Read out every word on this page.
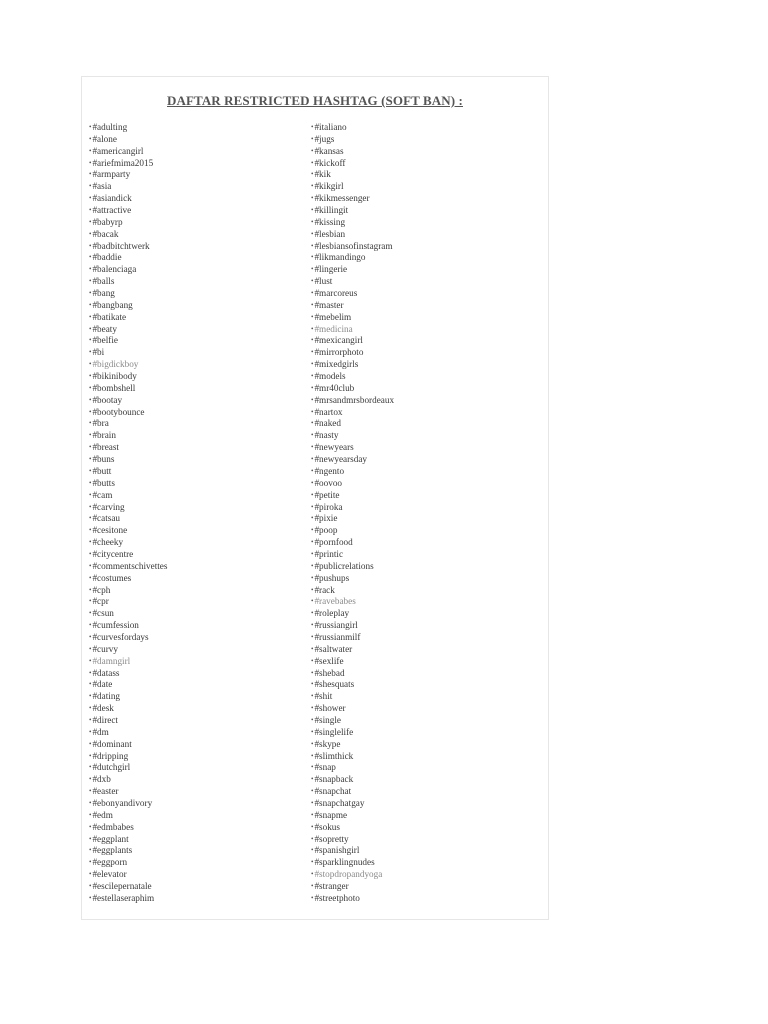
DAFTAR RESTRICTED HASHTAG (SOFT BAN) :
•#adulting
•#alone
•#americangirl
•#ariefmima2015
•#armparty
•#asia
•#asiandick
•#attractive
•#babyrp
•#bacak
•#badbitchtwerk
•#baddie
•#balenciaga
•#balls
•#bang
•#bangbang
•#batikate
•#beaty
•#belfie
•#bi
•#bigdickboy
•#bikinibody
•#bombshell
•#bootay
•#bootybounce
•#bra
•#brain
•#breast
•#buns
•#butt
•#butts
•#cam
•#carving
•#catsau
•#cesitone
•#cheeky
•#citycentre
•#commentschivettes
•#costumes
•#cph
•#cpr
•#csun
•#cumfession
•#curvesfordays
•#curvy
•#damngirl
•#datass
•#date
•#dating
•#desk
•#direct
•#dm
•#dominant
•#dripping
•#dutchgirl
•#dxb
•#easter
•#ebonyandivory
•#edm
•#edmbabes
•#eggplant
•#eggplants
•#eggporn
•#elevator
•#escilepernatale
•#estellaseraphim
•#italiano
•#jugs
•#kansas
•#kickoff
•#kik
•#kikgirl
•#kikmessenger
•#killingit
•#kissing
•#lesbian
•#lesbiansofinstagram
•#likmandingo
•#lingerie
•#lust
•#marcoreus
•#master
•#mebelim
•#medicina
•#mexicangirl
•#mirrorphoto
•#mixedgirls
•#models
•#mr40club
•#mrsandmrsbordeaux
•#nartox
•#naked
•#nasty
•#newyears
•#newyearsday
•#ngento
•#oovoo
•#petite
•#piroka
•#pixie
•#poop
•#pornfood
•#printic
•#publicrelations
•#pushups
•#rack
•#ravebabes
•#roleplay
•#russiangirl
•#russianmilf
•#saltwater
•#sexlife
•#shebad
•#shesquats
•#shit
•#shower
•#single
•#singlelife
•#skype
•#slimthick
•#snap
•#snapback
•#snapchat
•#snapchatgay
•#snapme
•#sokus
•#sopretty
•#spanishgirl
•#sparklingnudes
•#stopdropandyoga
•#stranger
•#streetphoto
